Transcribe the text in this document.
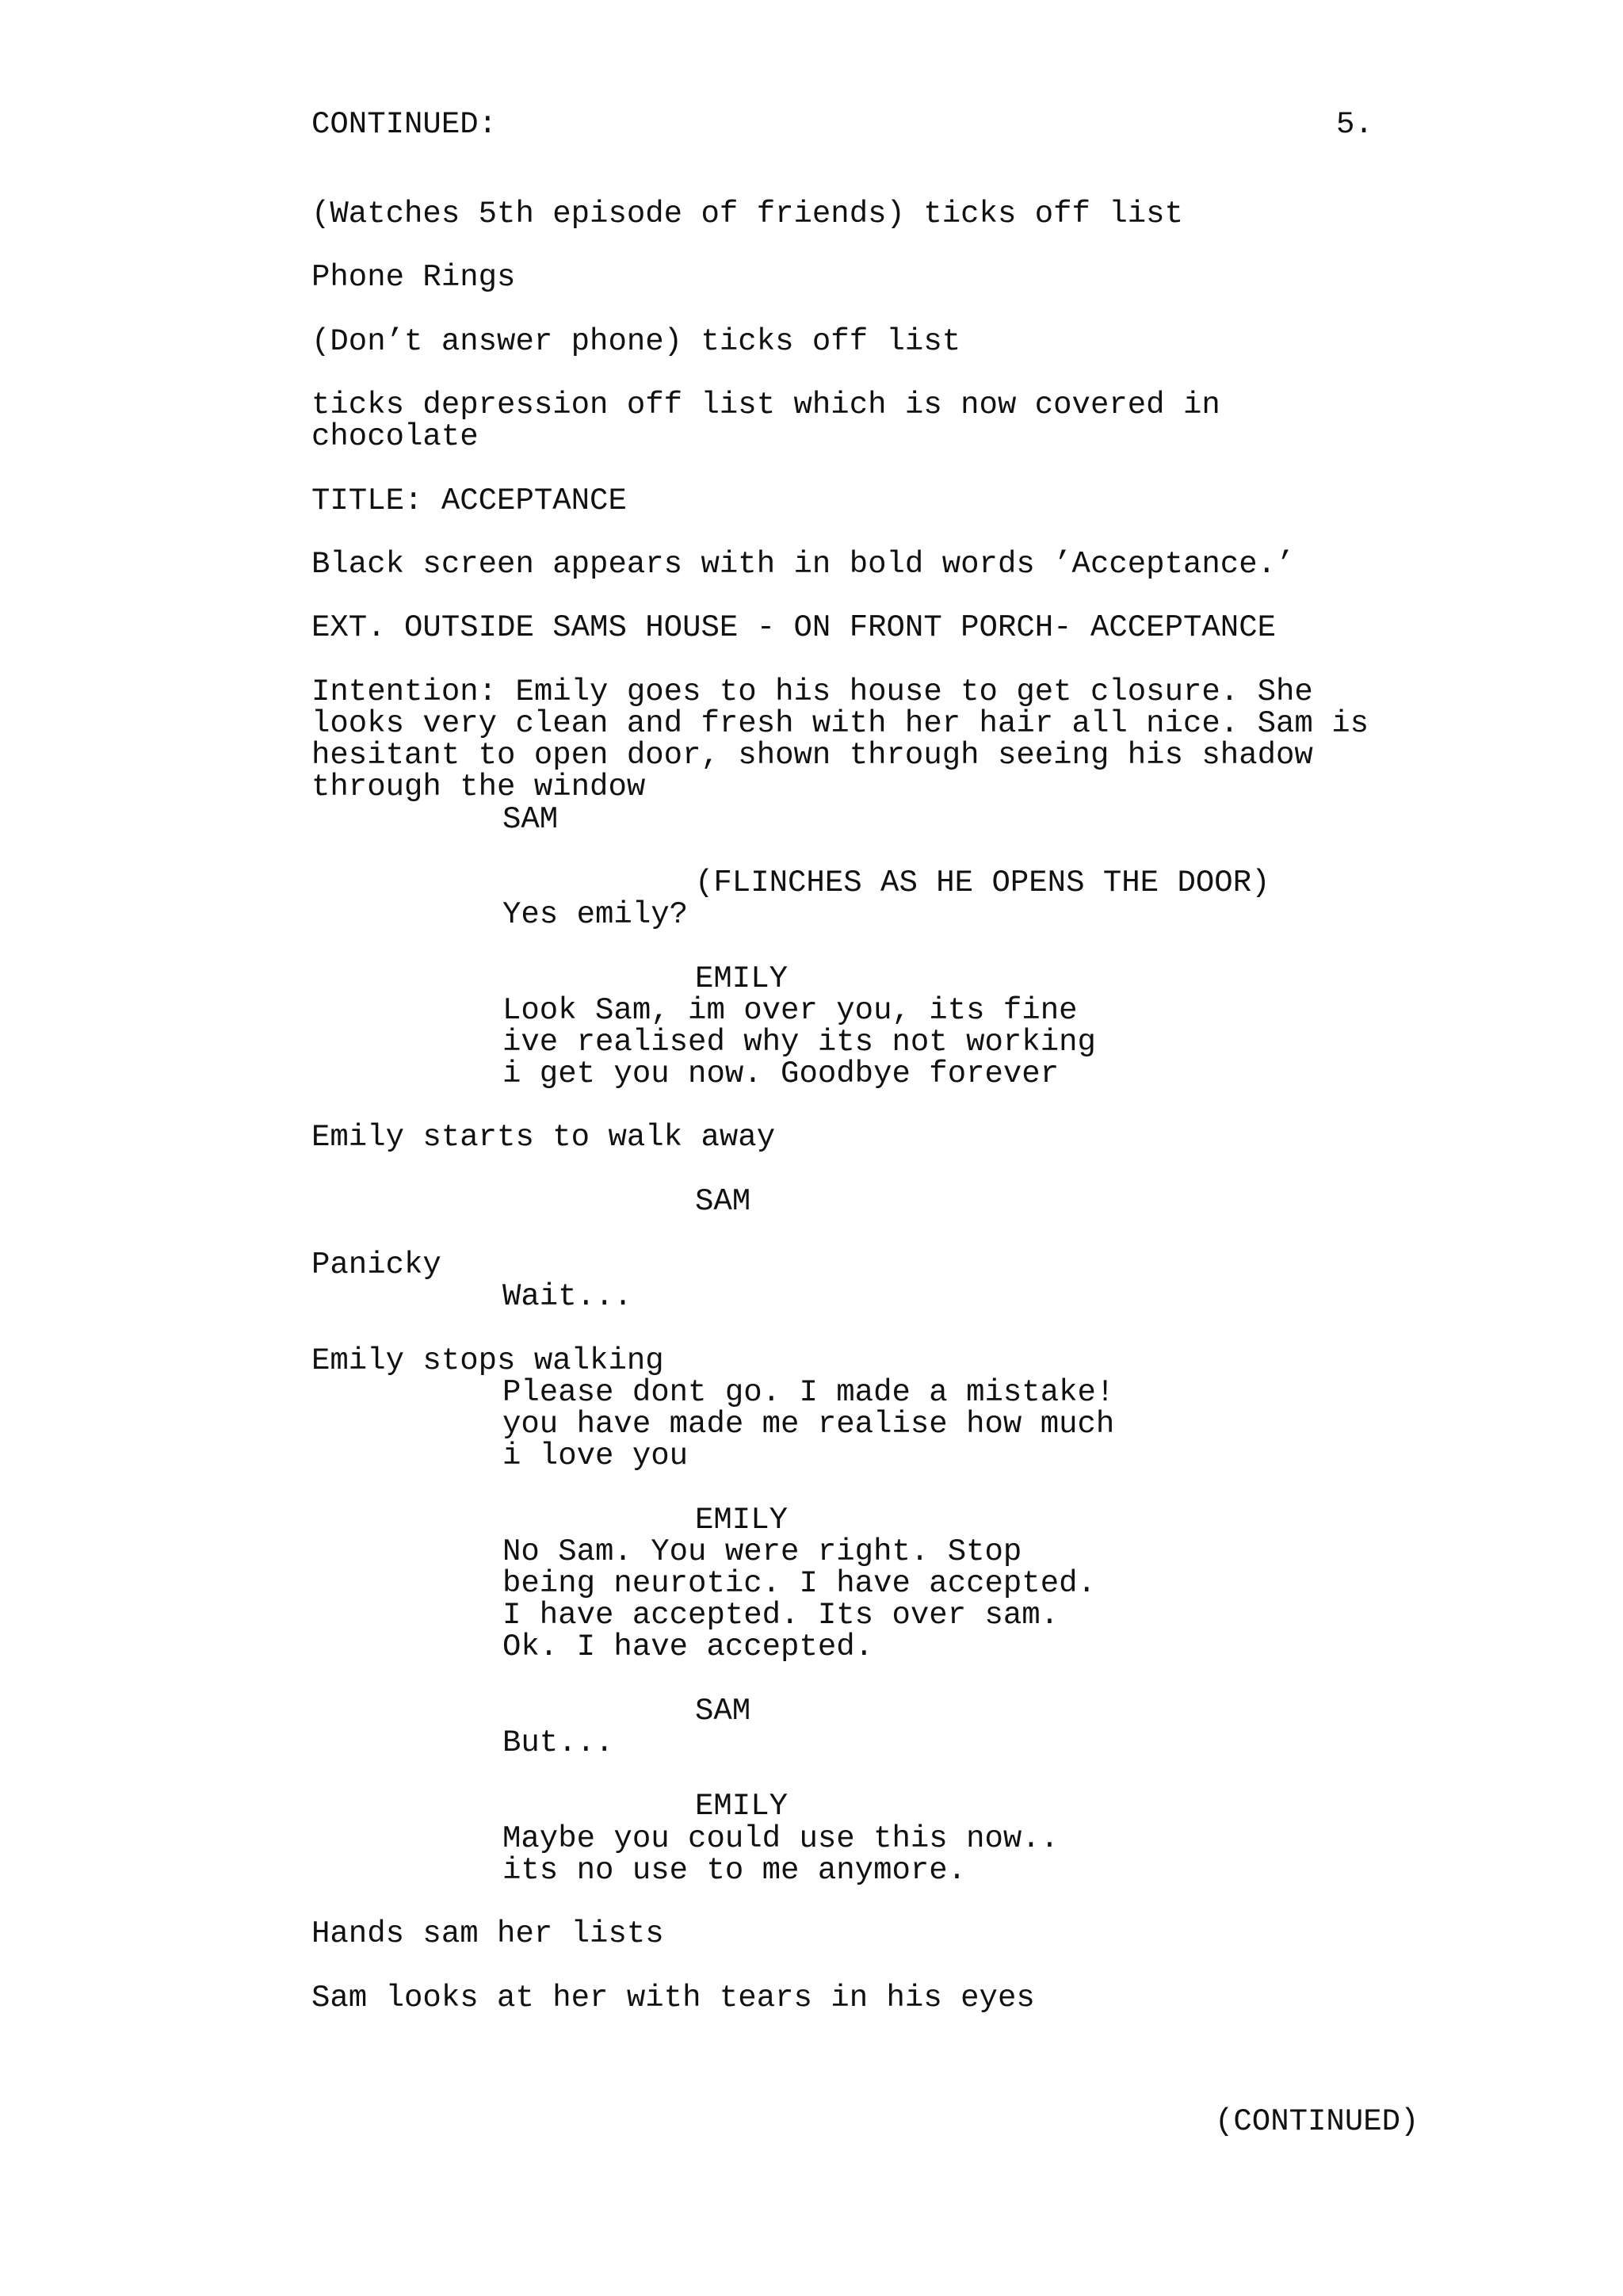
CONTINUED:	5.
(Watches 5th episode of friends) ticks off list
Phone Rings
(Don’t answer phone) ticks off list
ticks depression off list which is now covered in
chocolate
TITLE: ACCEPTANCE
Black screen appears with in bold words ’Acceptance.’
EXT. OUTSIDE SAMS HOUSE - ON FRONT PORCH- ACCEPTANCE
Intention: Emily goes to his house to get closure. She
looks very clean and fresh with her hair all nice. Sam is
hesitant to open door, shown through seeing his shadow
through the window
SAM
(FLINCHES AS HE OPENS THE DOOR)
Yes emily?
EMILY
Look Sam, im over you, its fine
ive realised why its not working
i get you now. Goodbye forever
Emily starts to walk away
SAM
Panicky
Wait...
Emily stops walking
Please dont go. I made a mistake!
you have made me realise how much
i love you
EMILY
No Sam. You were right. Stop
being neurotic. I have accepted.
I have accepted. Its over sam.
Ok. I have accepted.
SAM
But...
EMILY
Maybe you could use this now..
its no use to me anymore.
Hands sam her lists
Sam looks at her with tears in his eyes
(CONTINUED)
